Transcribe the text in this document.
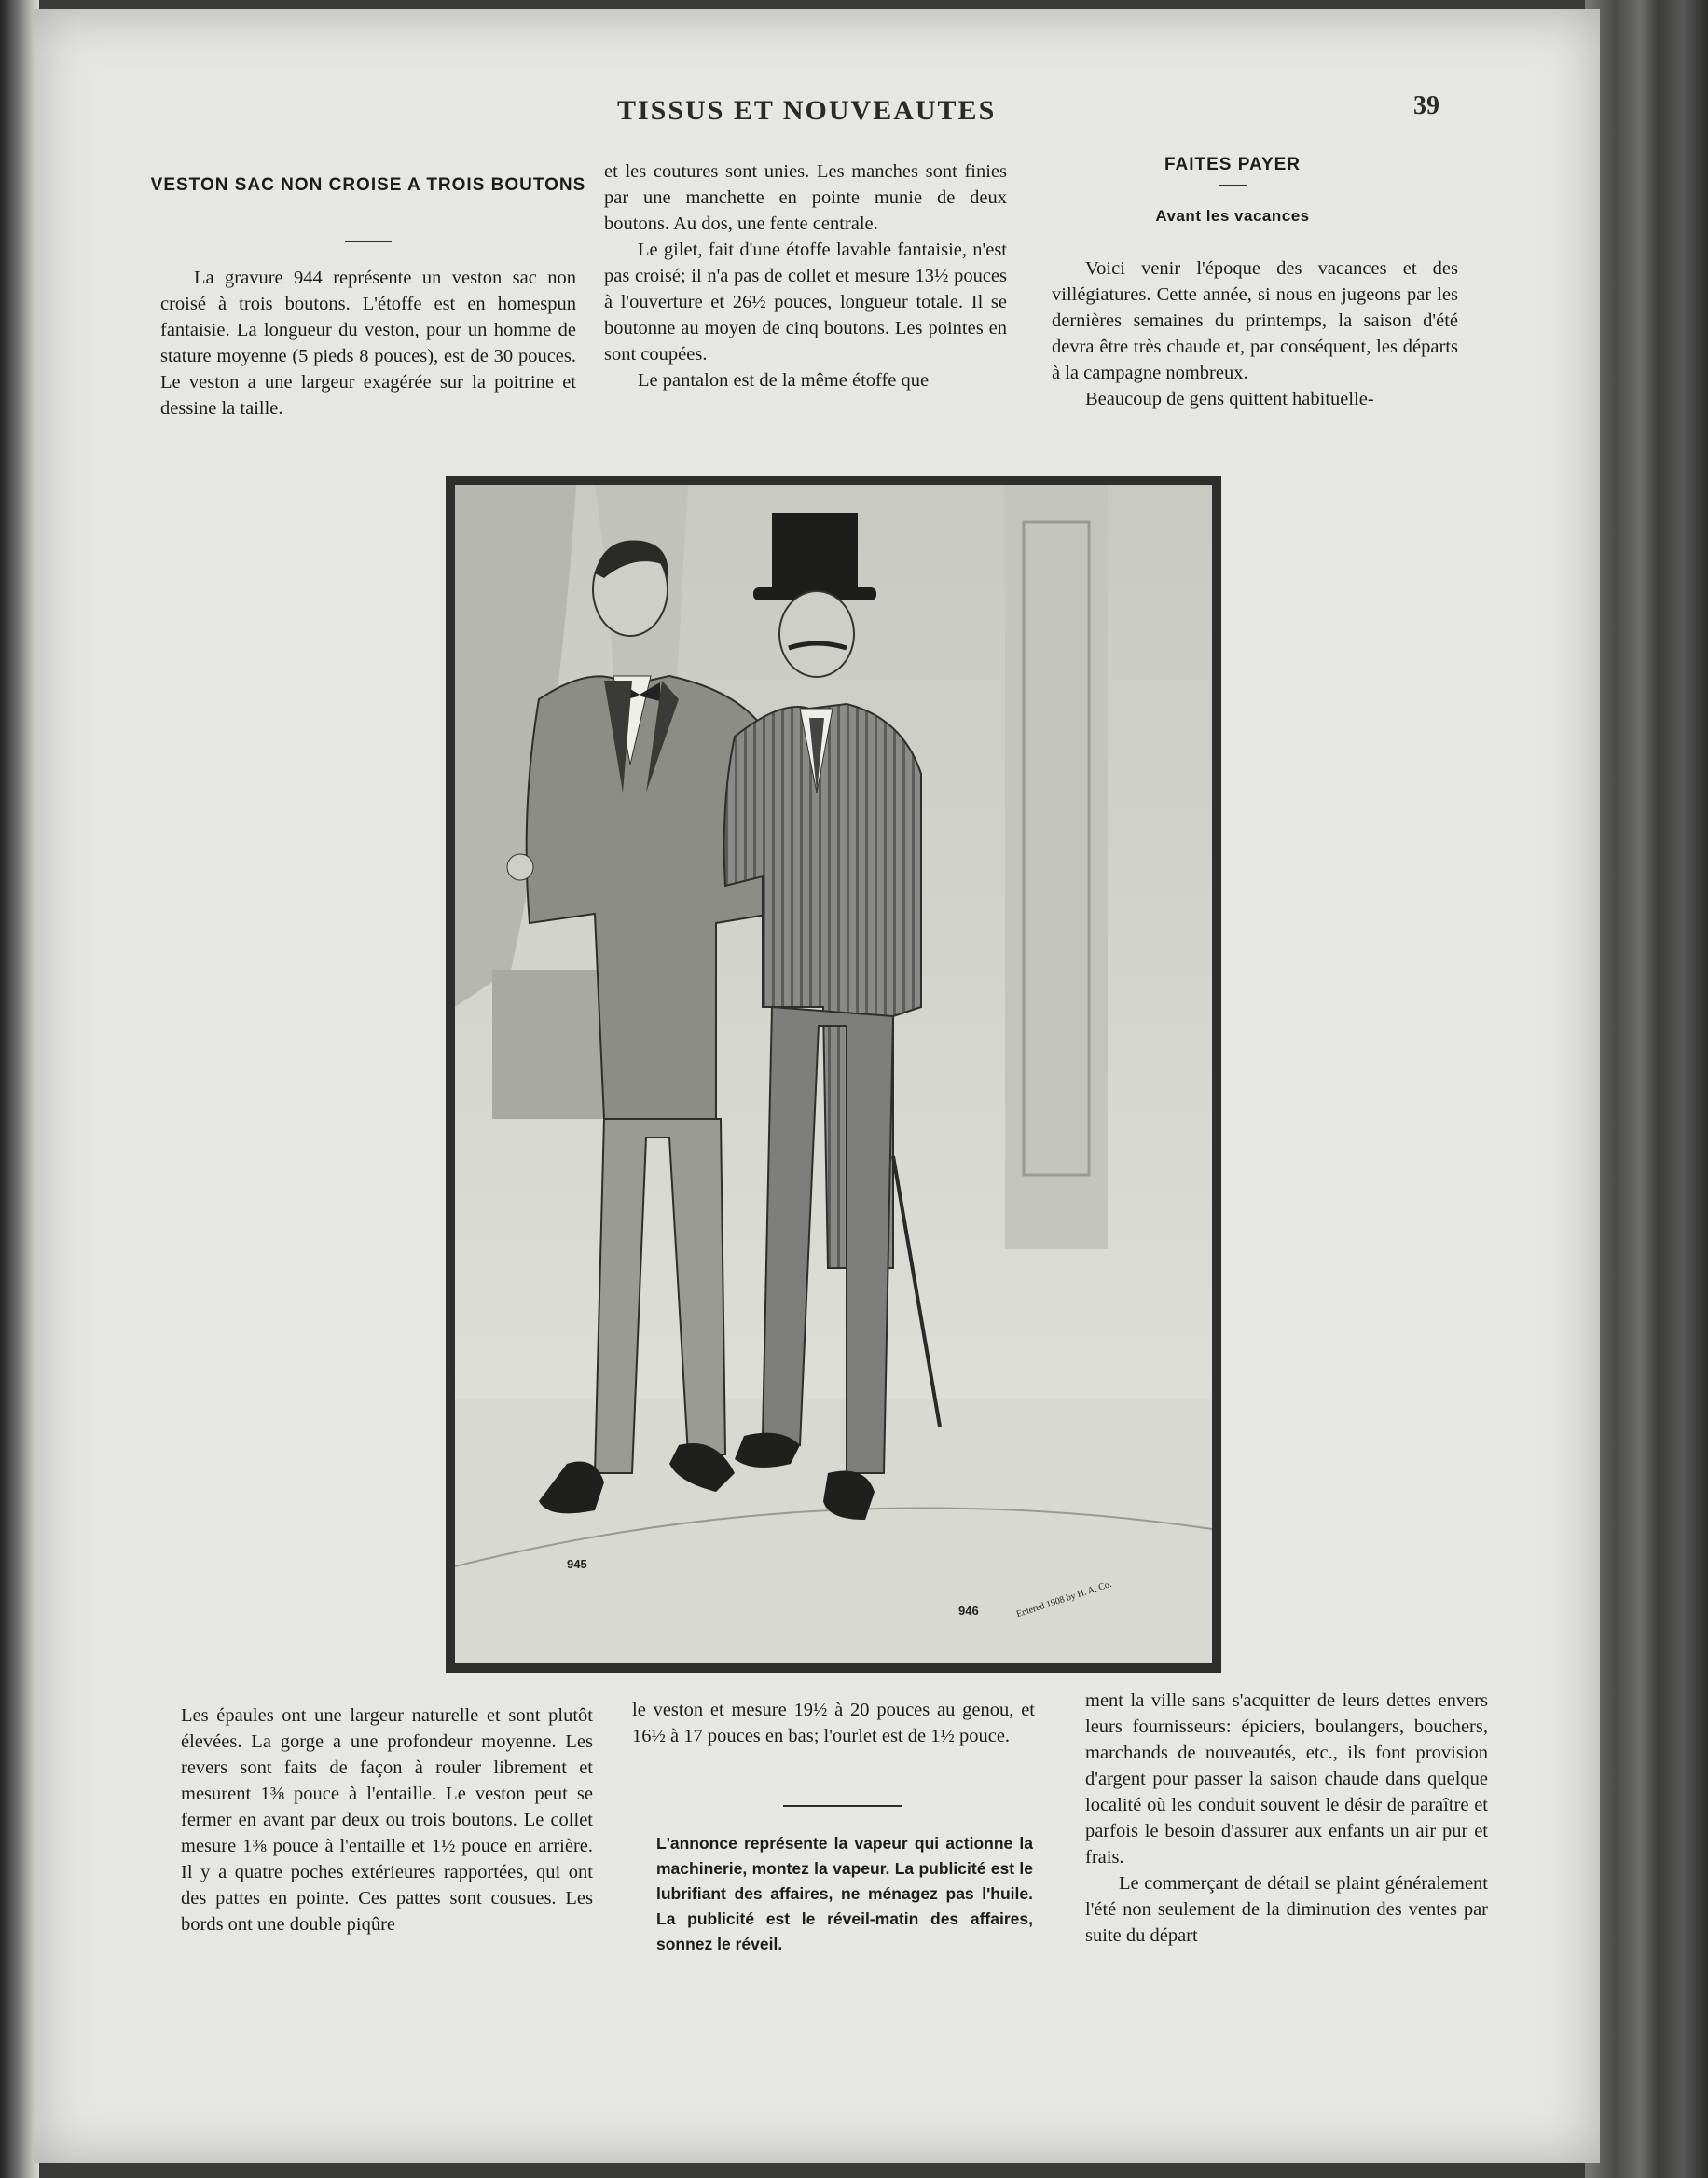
TISSUS ET NOUVEAUTES	39
VESTON SAC NON CROISE A TROIS BOUTONS

La gravure 944 représente un veston sac non croisé à trois boutons. L'étoffe est en homespun fantaisie. La longueur du veston, pour un homme de stature moyenne (5 pieds 8 pouces), est de 30 pouces. Le veston a une largeur exagérée sur la poitrine et dessine la taille.

et les coutures sont unies. Les manches sont finies par une manchette en pointe munie de deux boutons. Au dos, une fente centrale.

Le gilet, fait d'une étoffe lavable fantaisie, n'est pas croisé; il n'a pas de collet et mesure 13½ pouces à l'ouverture et 26½ pouces, longueur totale. Il se boutonne au moyen de cinq boutons. Les pointes en sont coupées.

Le pantalon est de la même étoffe que

FAITES PAYER
Avant les vacances

Voici venir l'époque des vacances et des villégiatures. Cette année, si nous en jugeons par les dernières semaines du printemps, la saison d'été devra être très chaude et, par conséquent, les départs à la campagne nombreux.

Beaucoup de gens quittent habituelle-

945
946	Entered 1908 by H. A. Co.

Les épaules ont une largeur naturelle et sont plutôt élevées. La gorge a une profondeur moyenne. Les revers sont faits de façon à rouler librement et mesurent 1⅜ pouce à l'entaille. Le veston peut se fermer en avant par deux ou trois boutons. Le collet mesure 1⅜ pouce à l'entaille et 1½ pouce en arrière. Il y a quatre poches extérieures rapportées, qui ont des pattes en pointe. Ces pattes sont cousues. Les bords ont une double piqûre

le veston et mesure 19½ à 20 pouces au genou, et 16½ à 17 pouces en bas; l'ourlet est de 1½ pouce.

L'annonce représente la vapeur qui actionne la machinerie, montez la vapeur. La publicité est le lubrifiant des affaires, ne ménagez pas l'huile. La publicité est le réveil-matin des affaires, sonnez le réveil.

ment la ville sans s'acquitter de leurs dettes envers leurs fournisseurs: épiciers, boulangers, bouchers, marchands de nouveautés, etc., ils font provision d'argent pour passer la saison chaude dans quelque localité où les conduit souvent le désir de paraître et parfois le besoin d'assurer aux enfants un air pur et frais.

Le commerçant de détail se plaint généralement l'été non seulement de la diminution des ventes par suite du départ
